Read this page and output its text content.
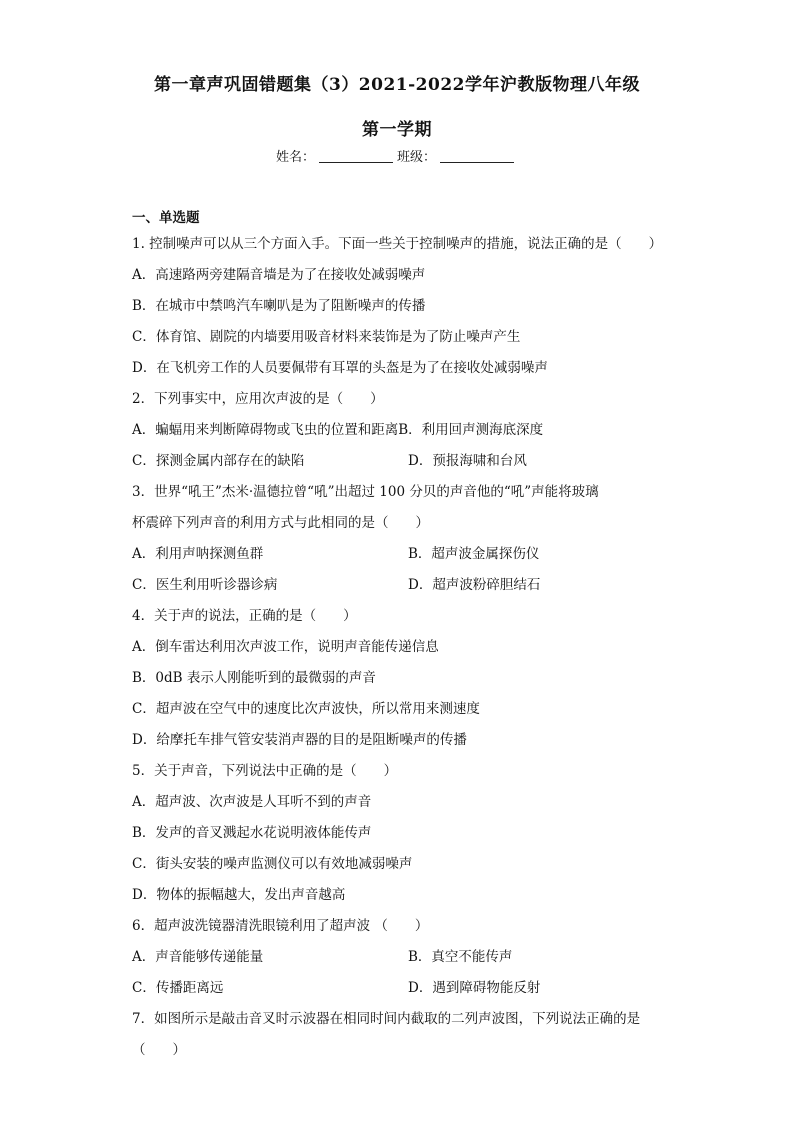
第一章声巩固错题集（3）2021-2022学年沪教版物理八年级
第一学期
姓名：	班级：
一、单选题
1. 控制噪声可以从三个方面入手。下面一些关于控制噪声的措施，说法正确的是（　　）
A．高速路两旁建隔音墙是为了在接收处减弱噪声
B．在城市中禁鸣汽车喇叭是为了阻断噪声的传播
C．体育馆、剧院的内墙要用吸音材料来装饰是为了防止噪声产生
D．在飞机旁工作的人员要佩带有耳罩的头盔是为了在接收处减弱噪声
2．下列事实中，应用次声波的是（　　）
A．蝙蝠用来判断障碍物或飞虫的位置和距离B．利用回声测海底深度
D．预报海啸和台风
C．探测金属内部存在的缺陷
3．世界“吼王”杰米·温德拉曾“吼”出超过 100 分贝的声音他的“吼”声能将玻璃
杯震碎下列声音的利用方式与此相同的是（　　）
B．超声波金属探伤仪
A．利用声呐探测鱼群
D．超声波粉碎胆结石
C．医生利用听诊器诊病
4．关于声的说法，正确的是（　　）
A．倒车雷达利用次声波工作，说明声音能传递信息
B．0dB 表示人刚能听到的最微弱的声音
C．超声波在空气中的速度比次声波快，所以常用来测速度
D．给摩托车排气管安装消声器的目的是阻断噪声的传播
5．关于声音，下列说法中正确的是（　　）
A．超声波、次声波是人耳听不到的声音
B．发声的音叉溅起水花说明液体能传声
C．街头安装的噪声监测仪可以有效地减弱噪声
D．物体的振幅越大，发出声音越高
6．超声波洗镜器清洗眼镜利用了超声波 （　　）
B．真空不能传声
A．声音能够传递能量
D．遇到障碍物能反射
C．传播距离远
7．如图所示是敲击音叉时示波器在相同时间内截取的二列声波图，下列说法正确的是
（　　）
